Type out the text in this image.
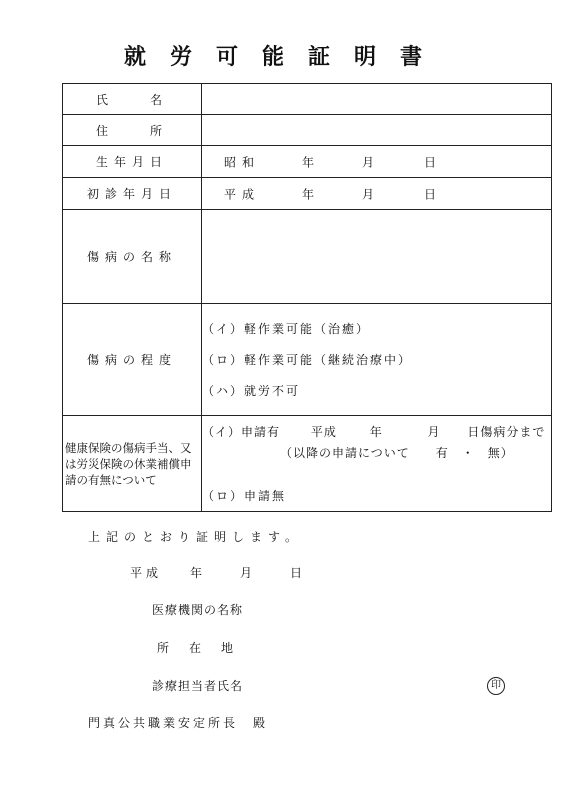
就労可能証明書
氏　　名	
住　　所	
生年月日	昭和 年 月 日

初診年月日	平成 年 月 日

傷病の名称	
傷病の程度	（イ）軽作業可能（治癒）
（ロ）軽作業可能（継続治療中）
（ハ）就労不可

健康保険の傷病手当、又は労災保険の休業補償申請の有無について	（イ）申請有 平成 年 月 日傷病分まで
（以降の申請について　　有　・　無）
（ロ）申請無
上記のとおり証明します。
平成 年	月	日
医療機関の名称
所　在　地
診療担当者氏名	印
門真公共職業安定所長　殿
